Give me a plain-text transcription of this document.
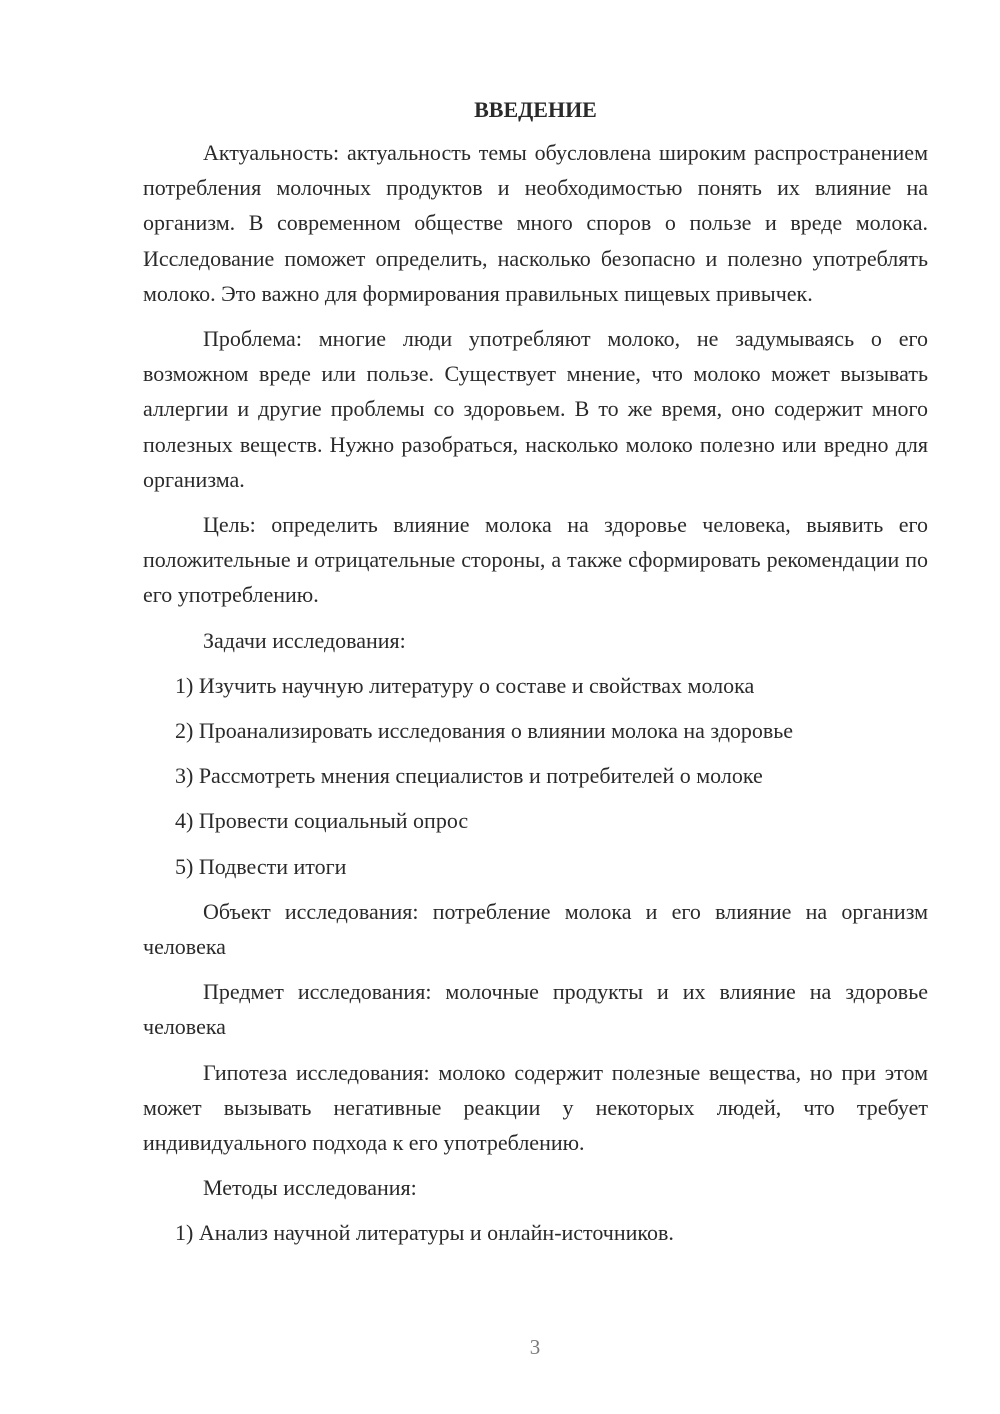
ВВЕДЕНИЕ

Актуальность: актуальность темы обусловлена широким распространением потребления молочных продуктов и необходимостью понять их влияние на организм. В современном обществе много споров о пользе и вреде молока. Исследование поможет определить, насколько безопасно и полезно употреблять молоко. Это важно для формирования правильных пищевых привычек.

Проблема: многие люди употребляют молоко, не задумываясь о его возможном вреде или пользе. Существует мнение, что молоко может вызывать аллергии и другие проблемы со здоровьем. В то же время, оно содержит много полезных веществ. Нужно разобраться, насколько молоко полезно или вредно для организма.

Цель: определить влияние молока на здоровье человека, выявить его положительные и отрицательные стороны, а также сформировать рекомендации по его употреблению.

Задачи исследования:

1) Изучить научную литературу о составе и свойствах молока

2) Проанализировать исследования о влиянии молока на здоровье

3) Рассмотреть мнения специалистов и потребителей о молоке

4) Провести социальный опрос

5) Подвести итоги

Объект исследования: потребление молока и его влияние на организм человека

Предмет исследования: молочные продукты и их влияние на здоровье человека

Гипотеза исследования: молоко содержит полезные вещества, но при этом может вызывать негативные реакции у некоторых людей, что требует индивидуального подхода к его употреблению.

Методы исследования:

1) Анализ научной литературы и онлайн-источников.

3
